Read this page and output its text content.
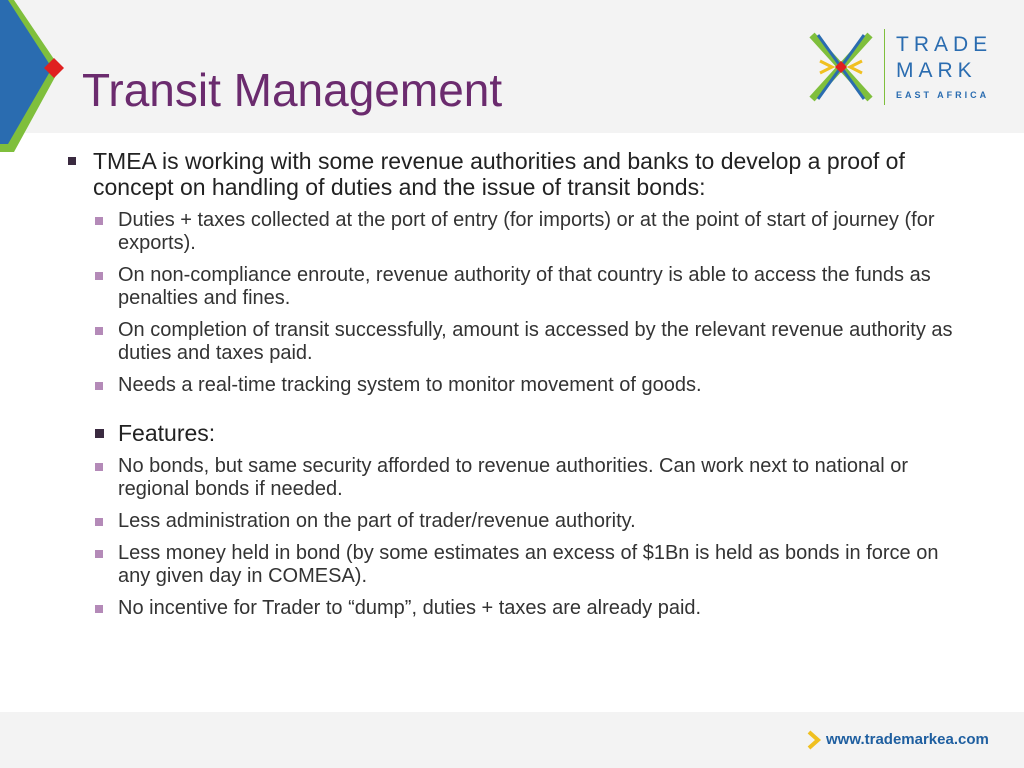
Transit Management
TRADE
MARK
EAST AFRICA
TMEA is working with some revenue authorities and banks to develop a proof of concept on handling of duties and the issue of transit bonds:
Duties + taxes collected at the port of entry (for imports) or at the point of start of journey (for exports).
On non-compliance enroute, revenue authority of that country is able to access the funds as penalties and fines.
On completion of transit successfully, amount is accessed by the relevant revenue authority as duties and taxes paid.
Needs a real-time tracking system to monitor movement of goods.
Features:
No bonds, but same security afforded to revenue authorities. Can work next to national or regional bonds if needed.
Less administration on the part of trader/revenue authority.
Less money held in bond (by some estimates an excess of $1Bn is held as bonds in force on any given day in COMESA).
No incentive for Trader to “dump”, duties + taxes are already paid.
www.trademarkea.com
